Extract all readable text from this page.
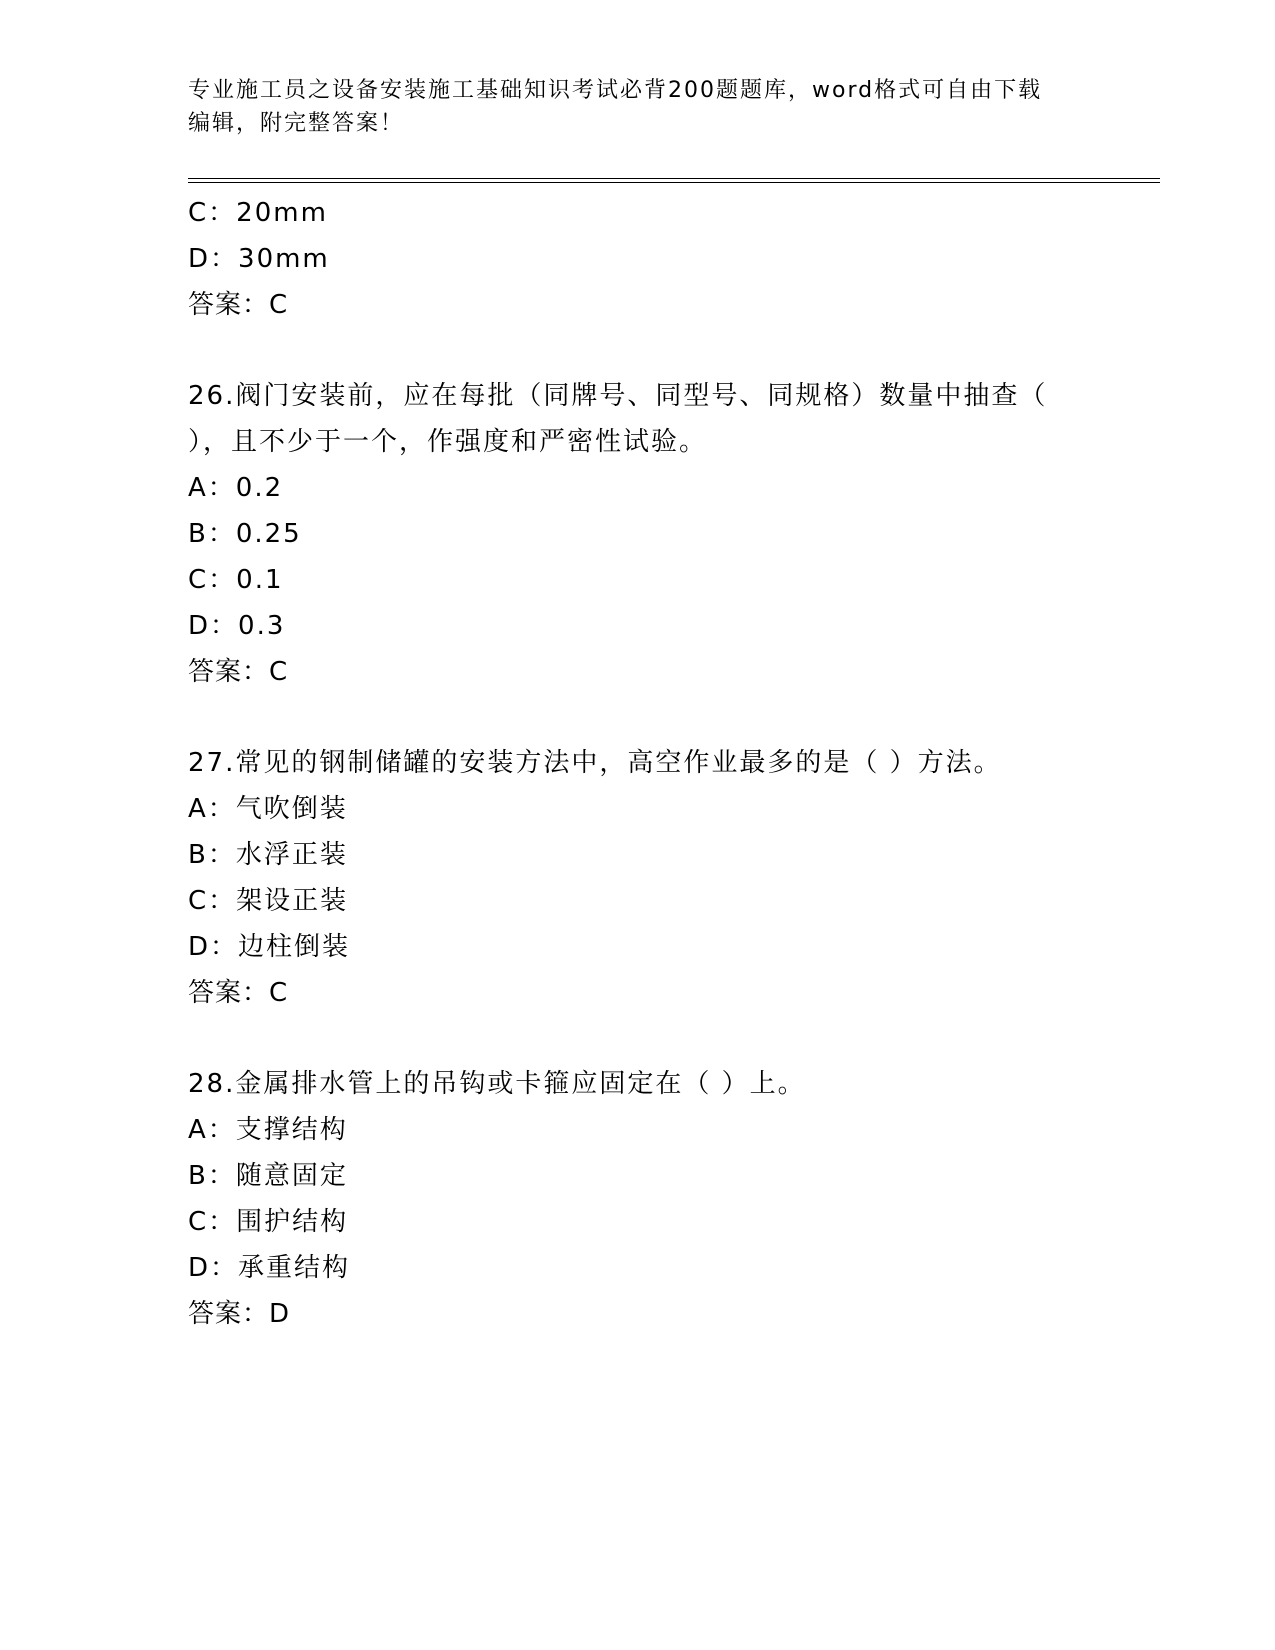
专业施工员之设备安装施工基础知识考试必背200题题库，word格式可自由下载
编辑，附完整答案！
C：20mm
D：30mm
答案：C
26.阀门安装前，应在每批（同牌号、同型号、同规格）数量中抽查（
），且不少于一个，作强度和严密性试验。
A：0.2
B：0.25
C：0.1
D：0.3
答案：C
27.常见的钢制储罐的安装方法中，高空作业最多的是（ ）方法。
A：气吹倒装
B：水浮正装
C：架设正装
D：边柱倒装
答案：C
28.金属排水管上的吊钩或卡箍应固定在（ ）上。
A：支撑结构
B：随意固定
C：围护结构
D：承重结构
答案：D
